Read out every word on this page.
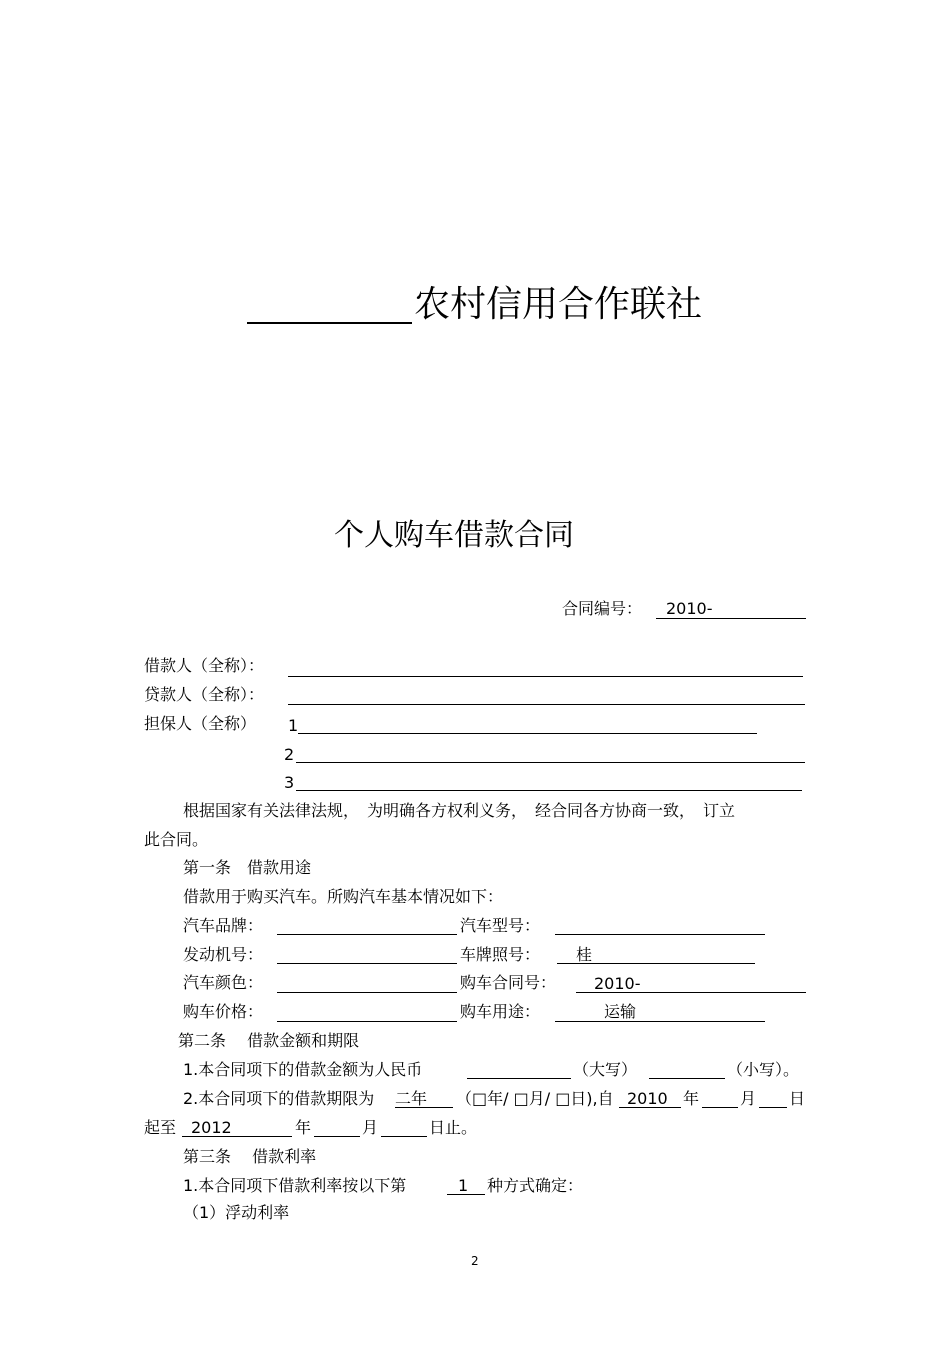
农村信用合作联社
个人购车借款合同
合同编号： 2010-
借款人（全称）：
贷款人（全称）：
担保人（全称） 1
2
3
根据国家有关法律法规，　为明确各方权利义务，　经合同各方协商一致，　订立
此合同。
第一条　借款用途
借款用于购买汽车。所购汽车基本情况如下：
汽车品牌：	汽车型号：
发动机号：	车牌照号： 桂
汽车颜色：	购车合同号： 2010-
购车价格：	购车用途：	运输
第二条　 借款金额和期限
1.本合同项下的借款金额为人民币	（大写）	（小写）。
2.本合同项下的借款期限为 二年 （□年/ □月/ □日),自 2010 年	月 日
起至 2012	年	月	日止。
第三条　 借款利率
1.本合同项下借款利率按以下第	1 种方式确定：
（1）浮动利率
2
